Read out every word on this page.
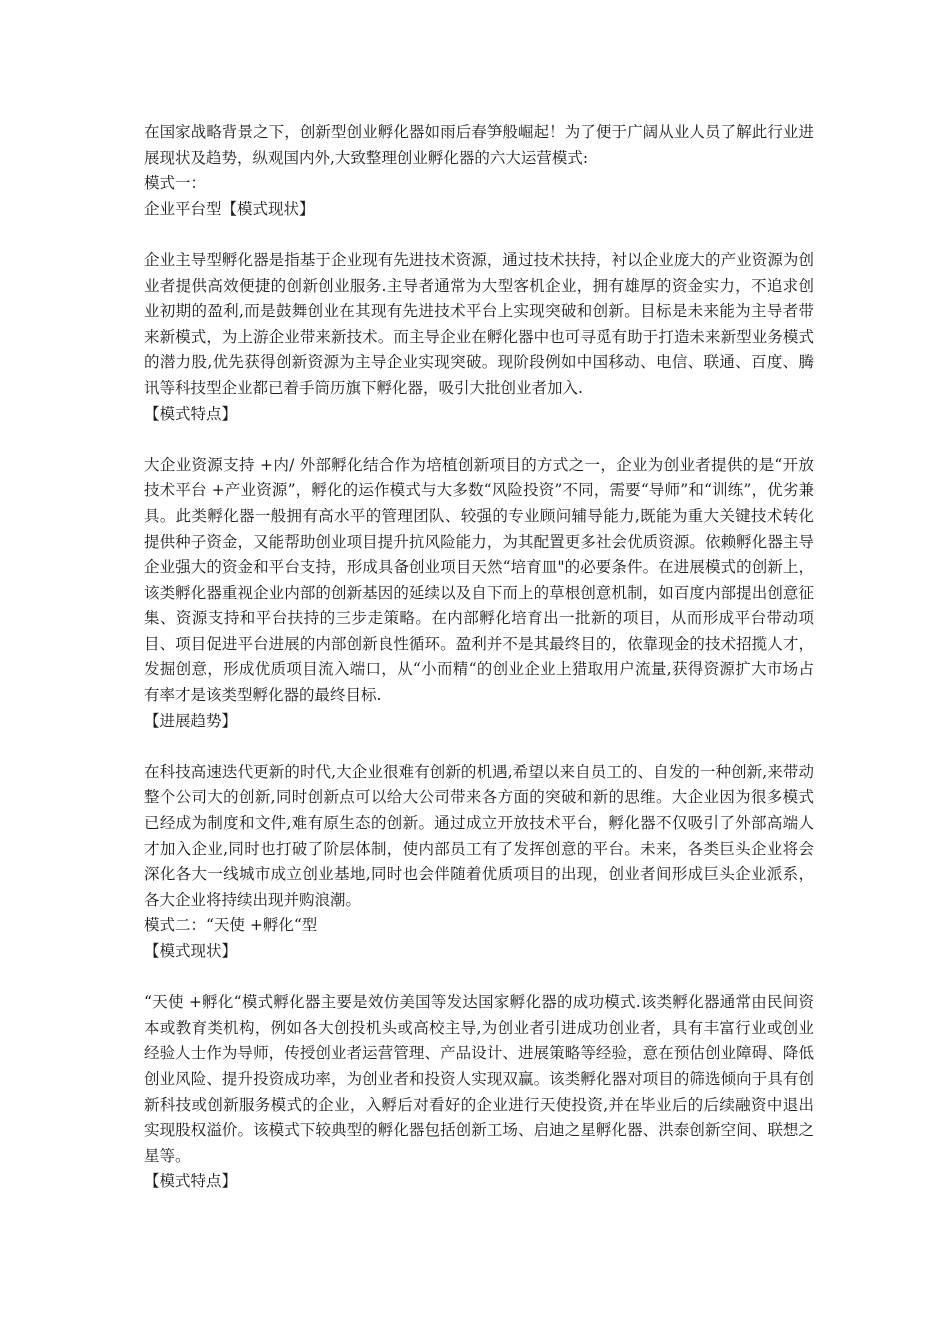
在国家战略背景之下，创新型创业孵化器如雨后春笋般崛起！为了便于广阔从业人员了解此行业进展现状及趋势，纵观国内外,大致整理创业孵化器的六大运营模式:

模式一：
企业平台型【模式现状】

企业主导型孵化器是指基于企业现有先进技术资源，通过技术扶持，衬以企业庞大的产业资源为创业者提供高效便捷的创新创业服务.主导者通常为大型客机企业，拥有雄厚的资金实力，不追求创业初期的盈利,而是鼓舞创业在其现有先进技术平台上实现突破和创新。目标是未来能为主导者带来新模式，为上游企业带来新技术。而主导企业在孵化器中也可寻觅有助于打造未来新型业务模式的潜力股,优先获得创新资源为主导企业实现突破。现阶段例如中国移动、电信、联通、百度、腾讯等科技型企业都已着手筒历旗下孵化器，吸引大批创业者加入.

【模式特点】

大企业资源支持 +内/ 外部孵化结合作为培植创新项目的方式之一，企业为创业者提供的是“开放技术平台 +产业资源”，孵化的运作模式与大多数“风险投资”不同，需要“导师”和“训练”，优劣兼具。此类孵化器一般拥有高水平的管理团队、较强的专业顾问辅导能力,既能为重大关键技术转化提供种子资金，又能帮助创业项目提升抗风险能力，为其配置更多社会优质资源。依赖孵化器主导企业强大的资金和平台支持，形成具备创业项目天然“培育皿"的必要条件。在进展模式的创新上，该类孵化器重视企业内部的创新基因的延续以及自下而上的草根创意机制，如百度内部提出创意征集、资源支持和平台扶持的三步走策略。在内部孵化培育出一批新的项目，从而形成平台带动项目、项目促进平台进展的内部创新良性循环。盈利并不是其最终目的，依靠现金的技术招揽人才，发掘创意，形成优质项目流入端口，从“小而精“的创业企业上猎取用户流量,获得资源扩大市场占有率才是该类型孵化器的最终目标.

【进展趋势】

在科技高速迭代更新的时代,大企业很难有创新的机遇,希望以来自员工的、自发的一种创新,来带动整个公司大的创新,同时创新点可以给大公司带来各方面的突破和新的思维。大企业因为很多模式已经成为制度和文件,难有原生态的创新。通过成立开放技术平台，孵化器不仅吸引了外部高端人才加入企业,同时也打破了阶层体制，使内部员工有了发挥创意的平台。未来，各类巨头企业将会深化各大一线城市成立创业基地,同时也会伴随着优质项目的出现，创业者间形成巨头企业派系，各大企业将持续出现并购浪潮。

模式二：“天使 +孵化“型
【模式现状】

“天使 +孵化“模式孵化器主要是效仿美国等发达国家孵化器的成功模式.该类孵化器通常由民间资本或教育类机构，例如各大创投机头或高校主导,为创业者引进成功创业者，具有丰富行业或创业经验人士作为导师，传授创业者运营管理、产品设计、进展策略等经验，意在预估创业障碍、降低创业风险、提升投资成功率，为创业者和投资人实现双赢。该类孵化器对项目的筛选倾向于具有创新科技或创新服务模式的企业，入孵后对看好的企业进行天使投资,并在毕业后的后续融资中退出实现股权溢价。该模式下较典型的孵化器包括创新工场、启迪之星孵化器、洪泰创新空间、联想之星等。

【模式特点】
